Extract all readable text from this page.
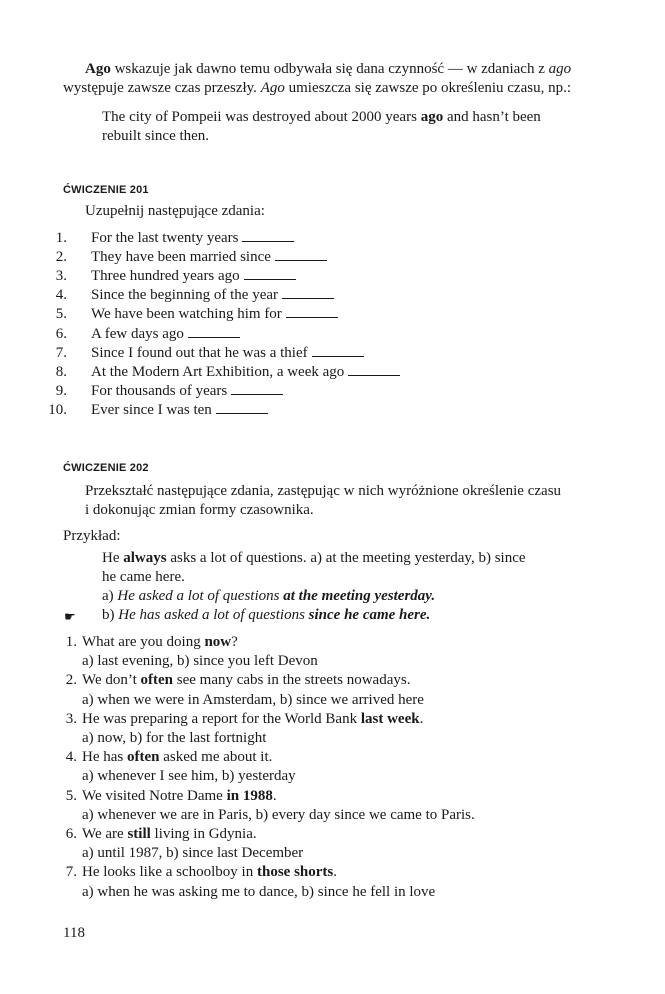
Ago wskazuje jak dawno temu odbywała się dana czynność — w zdaniach z ago
występuje zawsze czas przeszły. Ago umieszcza się zawsze po określeniu czasu, np.:
The city of Pompeii was destroyed about 2000 years ago and hasn’t been
rebuilt since then.
ĆWICZENIE 201
Uzupełnij następujące zdania:
1. For the last twenty years
2. They have been married since
3. Three hundred years ago
4. Since the beginning of the year
5. We have been watching him for
6. A few days ago
7. Since I found out that he was a thief
8. At the Modern Art Exhibition, a week ago
9. For thousands of years
10. Ever since I was ten
ĆWICZENIE 202
Przekształć następujące zdania, zastępując w nich wyróżnione określenie czasu
i dokonując zmian formy czasownika.
Przykład:
He always asks a lot of questions. a) at the meeting yesterday, b) since
he came here.
a) He asked a lot of questions at the meeting yesterday.
☛ b) He has asked a lot of questions since he came here.
1. What are you doing now?
a) last evening, b) since you left Devon
2. We don’t often see many cabs in the streets nowadays.
a) when we were in Amsterdam, b) since we arrived here
3. He was preparing a report for the World Bank last week.
a) now, b) for the last fortnight
4. He has often asked me about it.
a) whenever I see him, b) yesterday
5. We visited Notre Dame in 1988.
a) whenever we are in Paris, b) every day since we came to Paris.
6. We are still living in Gdynia.
a) until 1987, b) since last December
7. He looks like a schoolboy in those shorts.
a) when he was asking me to dance, b) since he fell in love
118
